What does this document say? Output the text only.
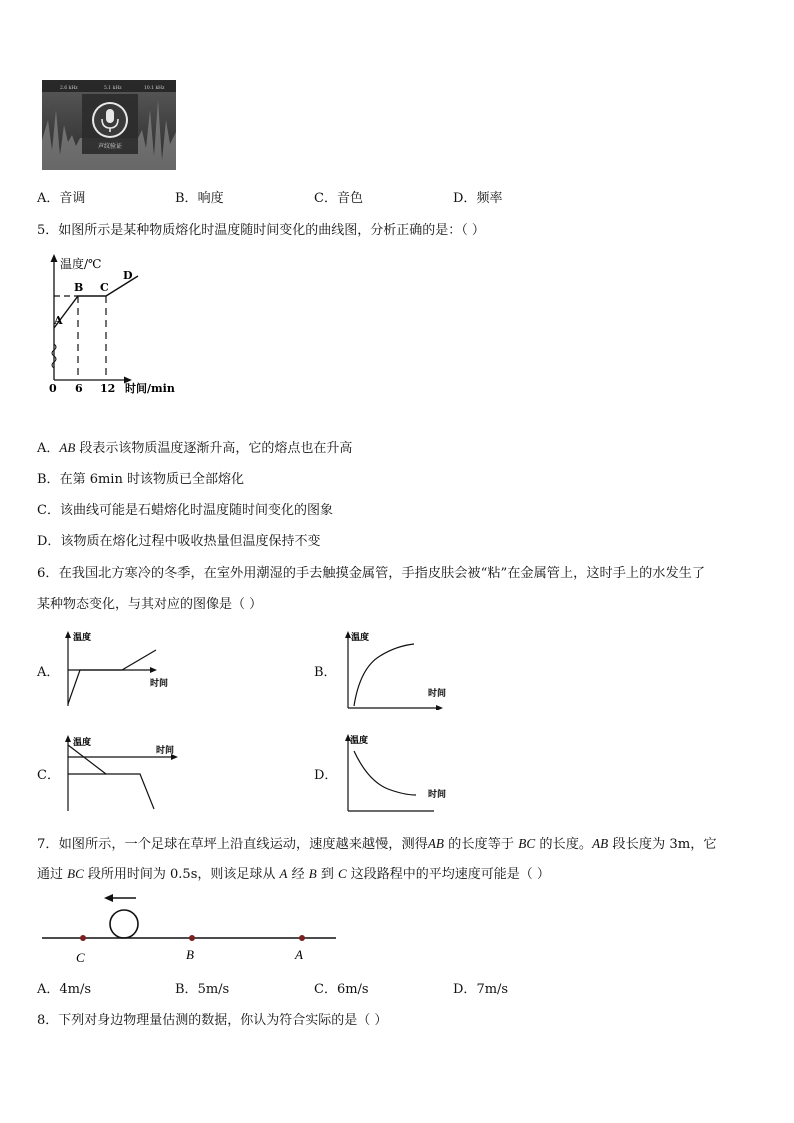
2.6 kHz	5.1 kHz	10.1 kHz
声纹验证
A．音调	B．响度	C．音色	D．频率
5．如图所示是某种物质熔化时温度随时间变化的曲线图，分析正确的是：（ ）
温度/℃
A
B C
D
0 6 12 时间/min
A．AB 段表示该物质温度逐渐升高，它的熔点也在升高
B．在第 6min 时该物质已全部熔化
C．该曲线可能是石蜡熔化时温度随时间变化的图象
D．该物质在熔化过程中吸收热量但温度保持不变
6．在我国北方寒冷的冬季，在室外用潮湿的手去触摸金属管，手指皮肤会被“粘”在金属管上，这时手上的水发生了
某种物态变化，与其对应的图像是（ ）
A．
温度
时间
B．
温度
时间
C．
温度
时间
D．
温度
时间
7．如图所示，一个足球在草坪上沿直线运动，速度越来越慢，测得AB 的长度等于 BC 的长度。AB 段长度为 3m，它
通过 BC 段所用时间为 0.5s，则该足球从 A 经 B 到 C 这段路程中的平均速度可能是（ ）
C	B	A
A．4m/s	B．5m/s	C．6m/s	D．7m/s
8．下列对身边物理量估测的数据，你认为符合实际的是（ ）
